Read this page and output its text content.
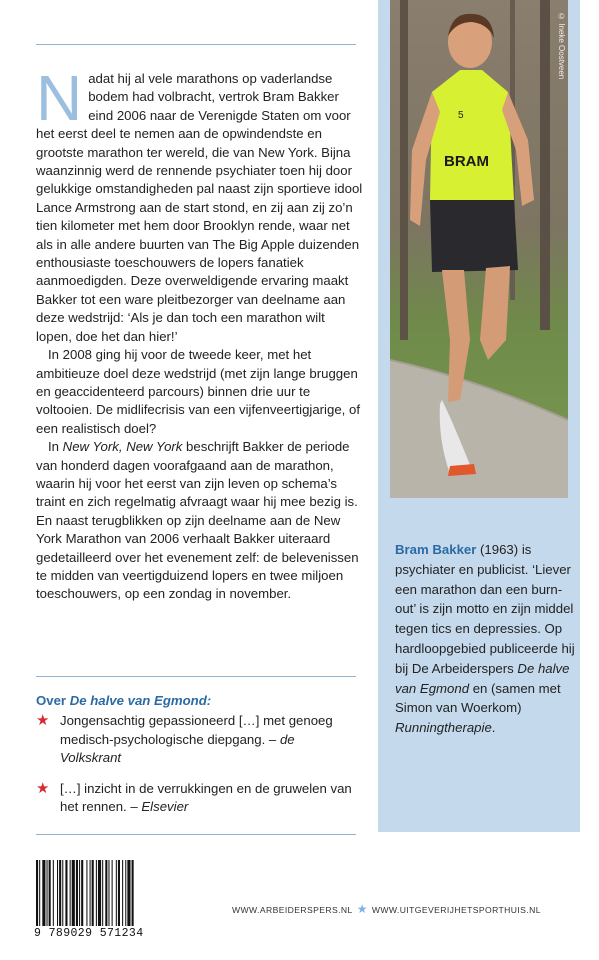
Nadat hij al vele marathons op vaderlandse bodem had volbracht, vertrok Bram Bakker eind 2006 naar de Verenigde Staten om voor het eerst deel te nemen aan de opwindendste en grootste marathon ter wereld, die van New York. Bijna waanzinnig werd de rennende psychiater toen hij door gelukkige omstandigheden pal naast zijn sportieve idool Lance Armstrong aan de start stond, en zij aan zij zo’n tien kilometer met hem door Brooklyn rende, waar net als in alle andere buurten van The Big Apple duizenden enthousiaste toeschouwers de lopers fanatiek aanmoedigden. Deze overweldigende ervaring maakt Bakker tot een ware pleitbezorger van deelname aan deze wedstrijd: ‘Als je dan toch een marathon wilt lopen, doe het dan hier!’

In 2008 ging hij voor de tweede keer, met het ambitieuze doel deze wedstrijd (met zijn lange bruggen en geaccidenteerd parcours) binnen drie uur te voltooien. De midlifecrisis van een vijfenveertigjarige, of een realistisch doel?

In New York, New York beschrijft Bakker de periode van honderd dagen voorafgaand aan de marathon, waarin hij voor het eerst van zijn leven op schema’s traint en zich regelmatig afvraagt waar hij mee bezig is. En naast terugblikken op zijn deelname aan de New York Marathon van 2006 verhaalt Bakker uiteraard gedetailleerd over het evenement zelf: de belevenissen te midden van veertigduizend lopers en twee miljoen toeschouwers, op een zondag in november.

Over De halve van Egmond:
★ Jongensachtig gepassioneerd […] met genoeg medisch-psychologische diepgang. – de Volkskrant
★ […] inzicht in de verrukkingen en de gruwelen van het rennen. – Elsevier
5
BRAM
© Ineke Oostveen
Bram Bakker (1963) is psychiater en publicist. ‘Liever een marathon dan een burn-out’ is zijn motto en zijn middel tegen tics en depressies. Op hardloopgebied publiceerde hij bij De Arbeiderspers De halve van Egmond en (samen met Simon van Woerkom) Runningtherapie.
9 789029 571234
WWW.ARBEIDERSPERS.NL ★ WWW.UITGEVERIJHETSPORTHUIS.NL
